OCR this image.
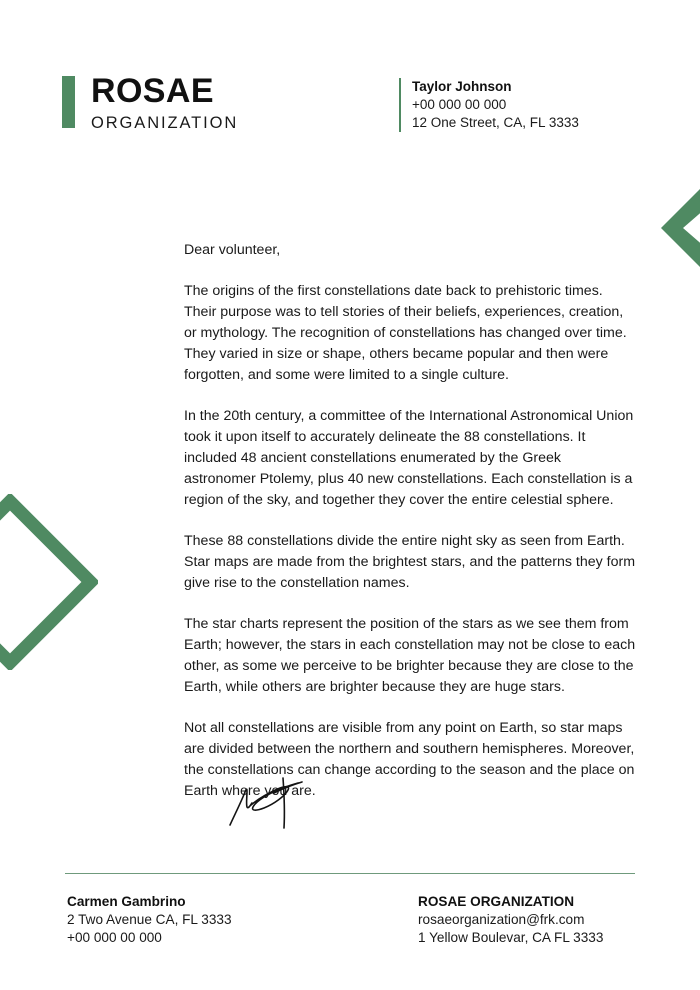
ROSAE
ORGANIZATION
Taylor Johnson
+00 000 00 000
12 One Street, CA, FL 3333

Dear volunteer,

The origins of the first constellations date back to prehistoric times. Their purpose was to tell stories of their beliefs, experiences, creation, or mythology. The recognition of constellations has changed over time. They varied in size or shape, others became popular and then were forgotten, and some were limited to a single culture.

In the 20th century, a committee of the International Astronomical Union took it upon itself to accurately delineate the 88 constellations. It included 48 ancient constellations enumerated by the Greek astronomer Ptolemy, plus 40 new constellations. Each constellation is a region of the sky, and together they cover the entire celestial sphere.

These 88 constellations divide the entire night sky as seen from Earth. Star maps are made from the brightest stars, and the patterns they form give rise to the constellation names.

The star charts represent the position of the stars as we see them from Earth; however, the stars in each constellation may not be close to each other, as some we perceive to be brighter because they are close to the Earth, while others are brighter because they are huge stars.

Not all constellations are visible from any point on Earth, so star maps are divided between the northern and southern hemispheres. Moreover, the constellations can change according to the season and the place on Earth where you are.

Carmen Gambrino
2 Two Avenue CA, FL 3333
+00 000 00 000
ROSAE ORGANIZATION
rosaeorganization@frk.com
1 Yellow Boulevar, CA FL 3333
